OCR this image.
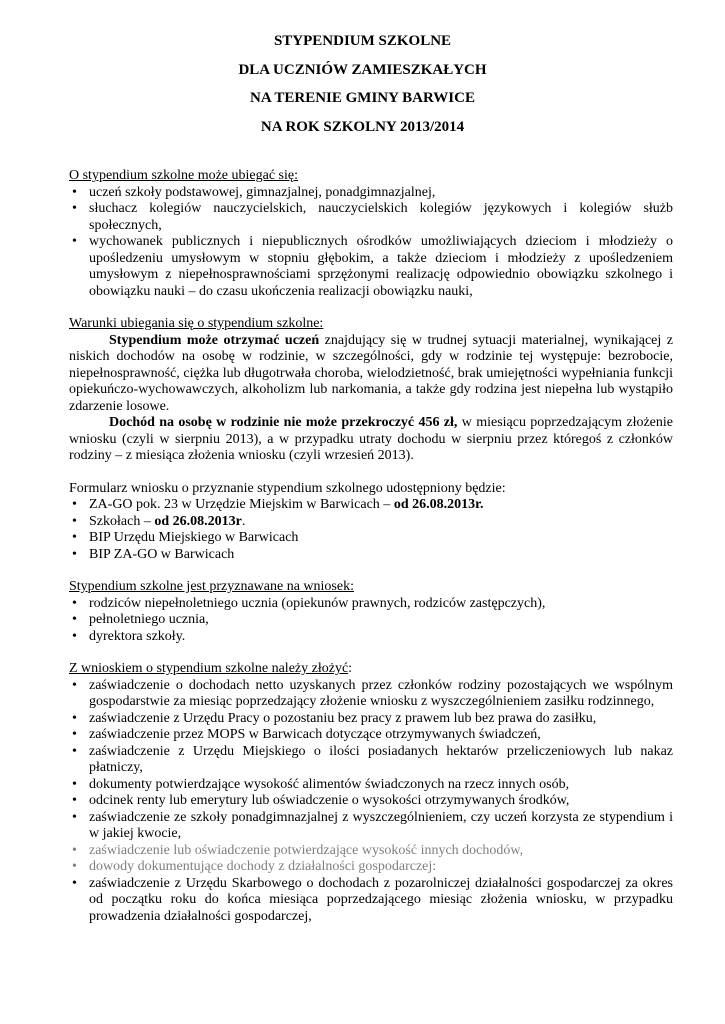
STYPENDIUM SZKOLNE
DLA UCZNIÓW ZAMIESZKAŁYCH
NA TERENIE GMINY BARWICE
NA ROK SZKOLNY 2013/2014

O stypendium szkolne może ubiegać się:

• uczeń szkoły podstawowej, gimnazjalnej, ponadgimnazjalnej,
• słuchacz kolegiów nauczycielskich, nauczycielskich kolegiów językowych i kolegiów służb społecznych,
• wychowanek publicznych i niepublicznych ośrodków umożliwiających dzieciom i młodzieży o upośledzeniu umysłowym w stopniu głębokim, a także dzieciom i młodzieży z upośledzeniem umysłowym z niepełnosprawnościami sprzężonymi realizację odpowiednio obowiązku szkolnego i obowiązku nauki – do czasu ukończenia realizacji obowiązku nauki,

Warunki ubiegania się o stypendium szkolne:

Stypendium może otrzymać uczeń znajdujący się w trudnej sytuacji materialnej, wynikającej z niskich dochodów na osobę w rodzinie, w szczególności, gdy w rodzinie tej występuje: bezrobocie, niepełnosprawność, ciężka lub długotrwała choroba, wielodzietność, brak umiejętności wypełniania funkcji opiekuńczo-wychowawczych, alkoholizm lub narkomania, a także gdy rodzina jest niepełna lub wystąpiło zdarzenie losowe.

Dochód na osobę w rodzinie nie może przekroczyć 456 zł, w miesiącu poprzedzającym złożenie wniosku (czyli w sierpniu 2013), a w przypadku utraty dochodu w sierpniu przez któregoś z członków rodziny – z miesiąca złożenia wniosku (czyli wrzesień 2013).

Formularz wniosku o przyznanie stypendium szkolnego udostępniony będzie:

• ZA-GO pok. 23 w Urzędzie Miejskim w Barwicach – od 26.08.2013r.
• Szkołach – od 26.08.2013r.
• BIP Urzędu Miejskiego w Barwicach
• BIP ZA-GO w Barwicach

Stypendium szkolne jest przyznawane na wniosek:

• rodziców niepełnoletniego ucznia (opiekunów prawnych, rodziców zastępczych),
• pełnoletniego ucznia,
• dyrektora szkoły.

Z wnioskiem o stypendium szkolne należy złożyć:

• zaświadczenie o dochodach netto uzyskanych przez członków rodziny pozostających we wspólnym gospodarstwie za miesiąc poprzedzający złożenie wniosku z wyszczególnieniem zasiłku rodzinnego,
• zaświadczenie z Urzędu Pracy o pozostaniu bez pracy z prawem lub bez prawa do zasiłku,
• zaświadczenie przez MOPS w Barwicach dotyczące otrzymywanych świadczeń,
• zaświadczenie z Urzędu Miejskiego o ilości posiadanych hektarów przeliczeniowych lub nakaz płatniczy,
• dokumenty potwierdzające wysokość alimentów świadczonych na rzecz innych osób,
• odcinek renty lub emerytury lub oświadczenie o wysokości otrzymywanych środków,
• zaświadczenie ze szkoły ponadgimnazjalnej z wyszczególnieniem, czy uczeń korzysta ze stypendium i w jakiej kwocie,
• zaświadczenie lub oświadczenie potwierdzające wysokość innych dochodów,
• dowody dokumentujące dochody z działalności gospodarczej:
• zaświadczenie z Urzędu Skarbowego o dochodach z pozarolniczej działalności gospodarczej za okres od początku roku do końca miesiąca poprzedzającego miesiąc złożenia wniosku, w przypadku prowadzenia działalności gospodarczej,
